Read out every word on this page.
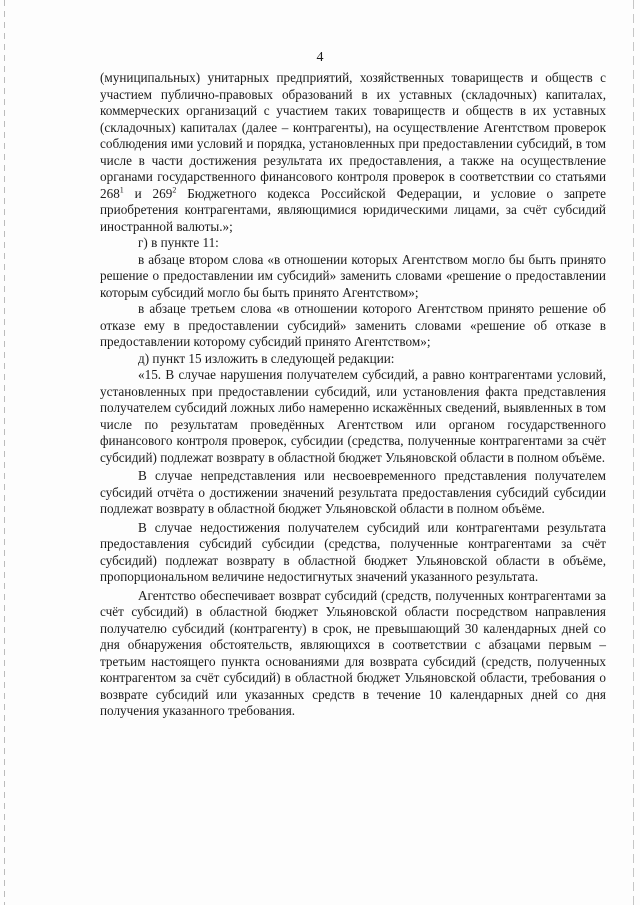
4

(муниципальных) унитарных предприятий, хозяйственных товариществ и обществ с участием публично-правовых образований в их уставных (складочных) капиталах, коммерческих организаций с участием таких товариществ и обществ в их уставных (складочных) капиталах (далее – контрагенты), на осуществление Агентством проверок соблюдения ими условий и порядка, установленных при предоставлении субсидий, в том числе в части достижения результата их предоставления, а также на осуществление органами государственного финансового контроля проверок в соответствии со статьями $268^1$ и $269^2$ Бюджетного кодекса Российской Федерации, и условие о запрете приобретения контрагентами, являющимися юридическими лицами, за счёт субсидий иностранной валюты.»;

г) в пункте 11:

в абзаце втором слова «в отношении которых Агентством могло бы быть принято решение о предоставлении им субсидий» заменить словами «решение о предоставлении которым субсидий могло бы быть принято Агентством»;

в абзаце третьем слова «в отношении которого Агентством принято решение об отказе ему в предоставлении субсидий» заменить словами «решение об отказе в предоставлении которому субсидий принято Агентством»;

д) пункт 15 изложить в следующей редакции:

«15. В случае нарушения получателем субсидий, а равно контрагентами условий, установленных при предоставлении субсидий, или установления факта представления получателем субсидий ложных либо намеренно искажённых сведений, выявленных в том числе по результатам проведённых Агентством или органом государственного финансового контроля проверок, субсидии (средства, полученные контрагентами за счёт субсидий) подлежат возврату в областной бюджет Ульяновской области в полном объёме.

В случае непредставления или несвоевременного представления получателем субсидий отчёта о достижении значений результата предоставления субсидий субсидии подлежат возврату в областной бюджет Ульяновской области в полном объёме.

В случае недостижения получателем субсидий или контрагентами результата предоставления субсидий субсидии (средства, полученные контрагентами за счёт субсидий) подлежат возврату в областной бюджет Ульяновской области в объёме, пропорциональном величине недостигнутых значений указанного результата.

Агентство обеспечивает возврат субсидий (средств, полученных контрагентами за счёт субсидий) в областной бюджет Ульяновской области посредством направления получателю субсидий (контрагенту) в срок, не превышающий 30 календарных дней со дня обнаружения обстоятельств, являющихся в соответствии с абзацами первым – третьим настоящего пункта основаниями для возврата субсидий (средств, полученных контрагентом за счёт субсидий) в областной бюджет Ульяновской области, требования о возврате субсидий или указанных средств в течение 10 календарных дней со дня получения указанного требования.
